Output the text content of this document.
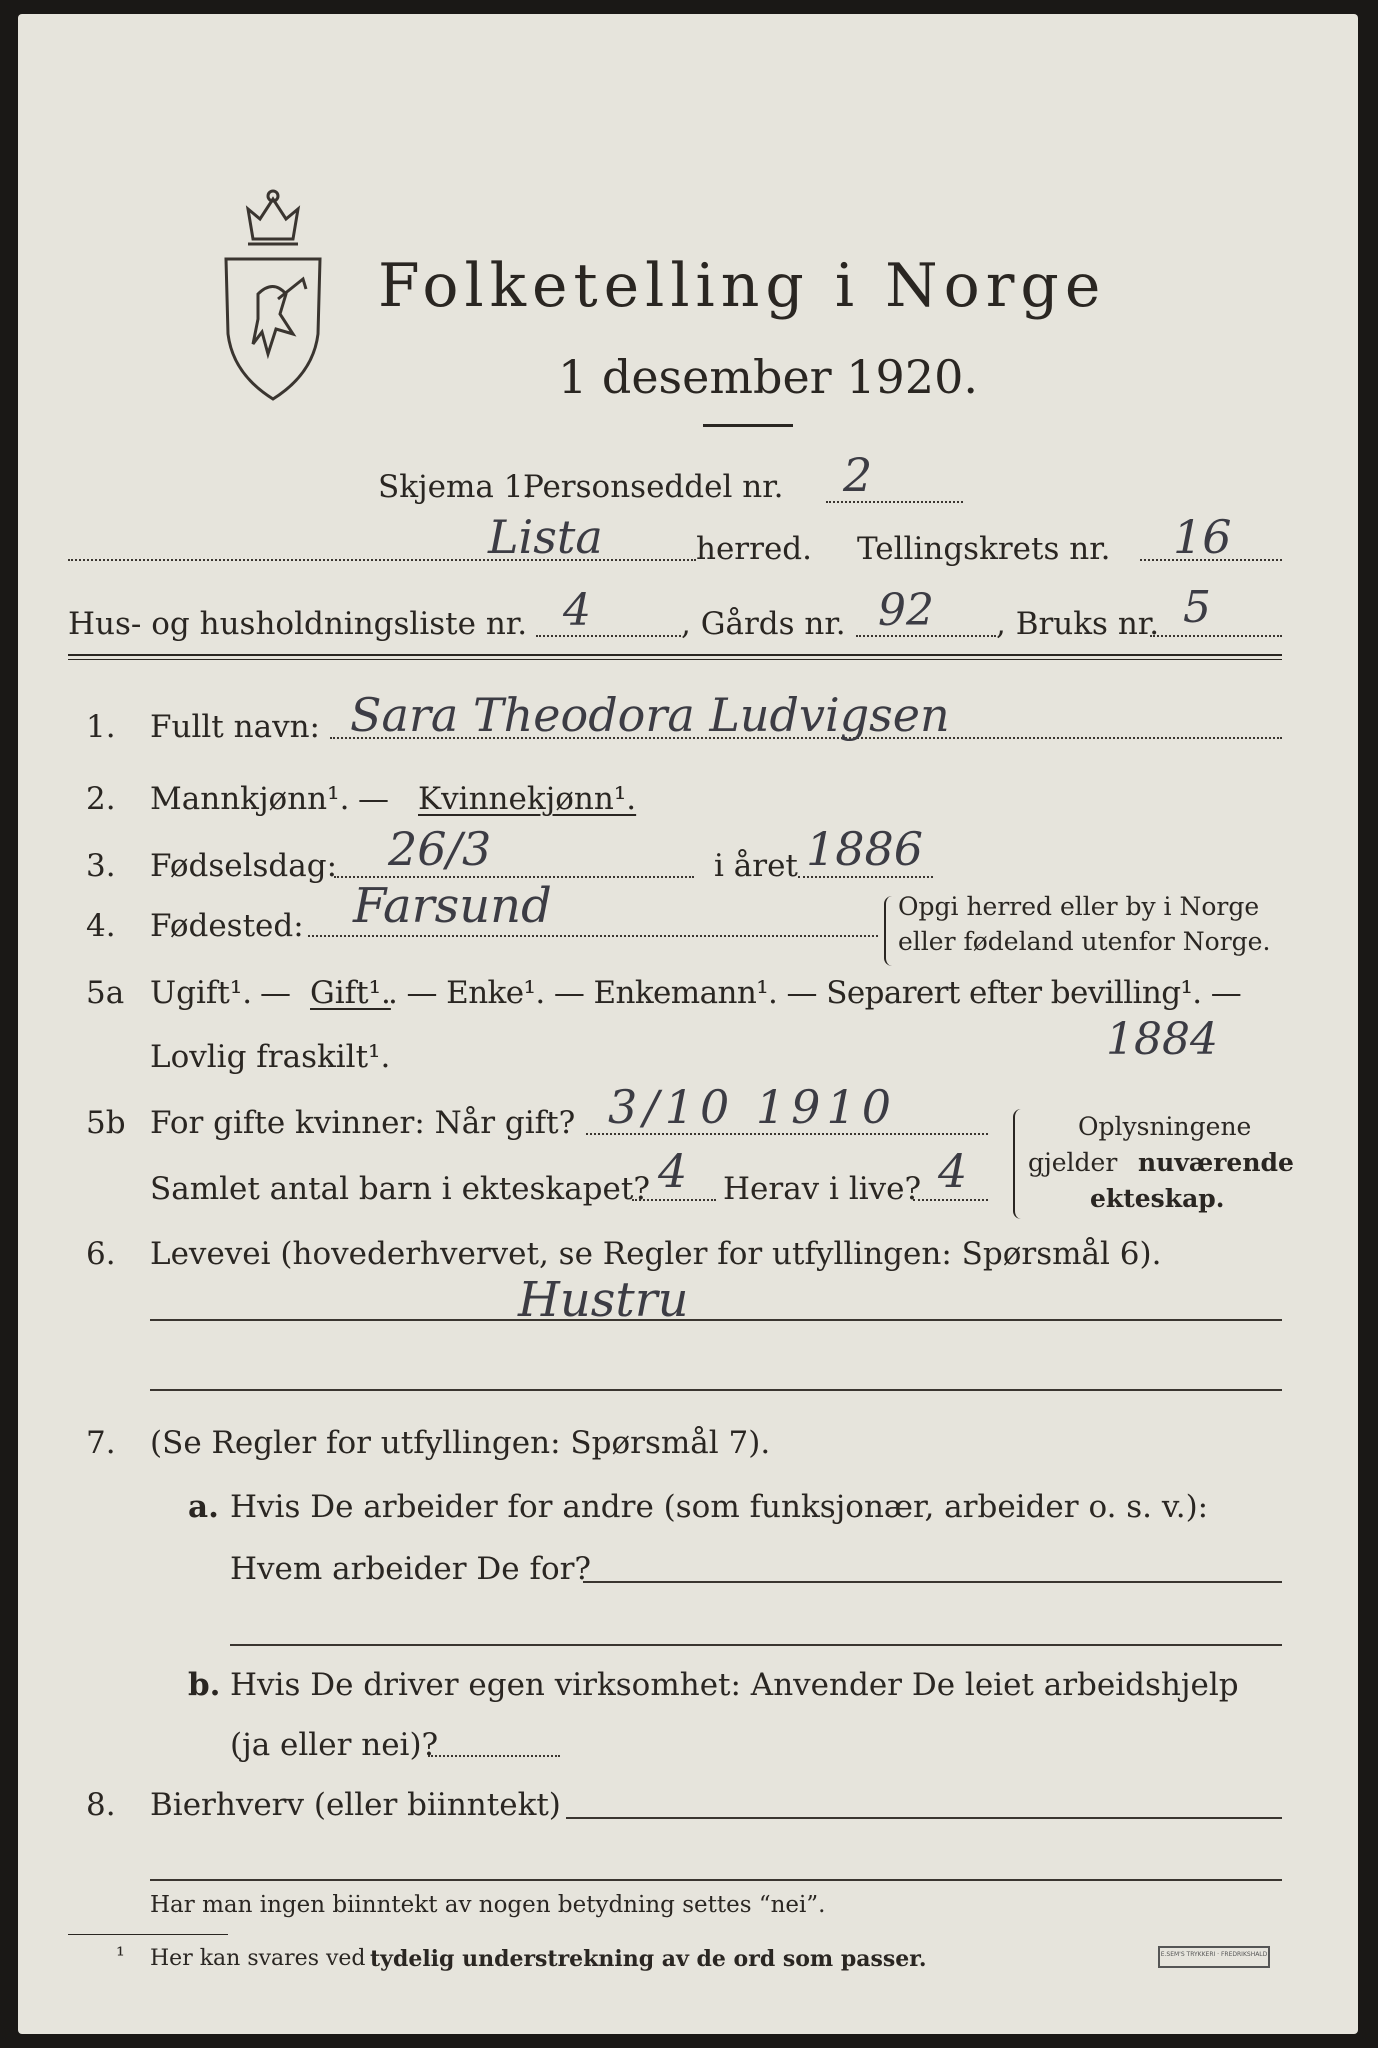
Folketelling i Norge
1 desember 1920.
Skjema 1.
Personseddel nr. 2
Lista	herred. Tellingskrets nr. 16
Hus- og husholdningsliste nr. 4	, Gårds nr. 92 , Bruks nr. 5
1. Fullt navn: Sara Theodora Ludvigsen
2. Mannkjønn¹. — Kvinnekjønn¹.
3. Fødselsdag: 26/3	i året 1886
4. Fødested: Farsund	Opgi herred eller by i Norge
eller fødeland utenfor Norge.
5a Ugift¹. — Gift¹.
. — Enke¹. — Enkemann¹. — Separert efter bevilling¹. —
Lovlig fraskilt¹.	1884
5b For gifte kvinner: Når gift? 3/10 1910
Samlet antal barn i ekteskapet? 4 Herav i live? 4
Oplysningene
gjelder nuværende
ekteskap.
6. Levevei (hovederhvervet, se Regler for utfyllingen: Spørsmål 6).
Hustru
7. (Se Regler for utfyllingen: Spørsmål 7).
a. Hvis De arbeider for andre (som funksjonær, arbeider o. s. v.):
Hvem arbeider De for?
b. Hvis De driver egen virksomhet: Anvender De leiet arbeidshjelp
(ja eller nei)?
8. Bierhverv (eller biinntekt)
Har man ingen biinntekt av nogen betydning settes “nei”.
¹ Her kan svares ved tydelig understrekning av de ord som passer.	E.SEM'S TRYKKERI · FREDRIKSHALD
